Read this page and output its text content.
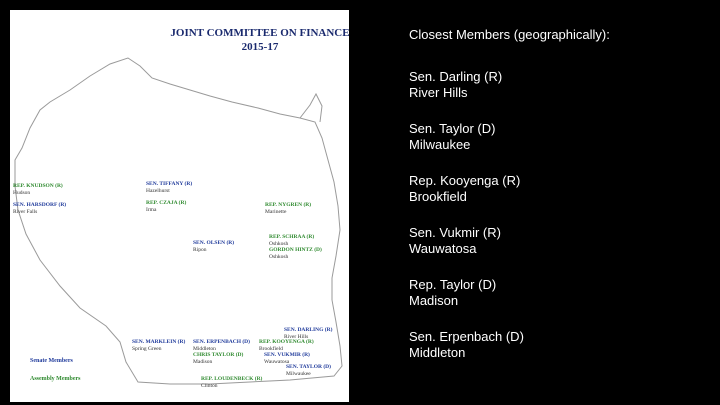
JOINT COMMITTEE ON FINANCE
2015-17
REP. KNUDSON (R)
Hudson
SEN. HARSDORF (R)
River Falls
SEN. TIFFANY (R)
Hazelhurst
REP. CZAJA (R)
Irma
REP. NYGREN (R)
Marinette
SEN. OLSEN (R)
Ripon
REP. SCHRAA (R)
Oshkosh
GORDON HINTZ (D)
Oshkosh
SEN. MARKLEIN (R)
Spring Green
SEN. ERPENBACH (D)
Middleton
CHRIS TAYLOR (D)
Madison
SEN. DARLING (R)
River Hills
REP. KOOYENGA (R)
Brookfield
SEN. VUKMIR (R)
Wauwatosa
SEN. TAYLOR (D)
Milwaukee
REP. LOUDENBECK (R)
Clinton
Senate Members
Assembly Members
Closest Members (geographically):
Sen. Darling (R)
River Hills
Sen. Taylor (D)
Milwaukee
Rep. Kooyenga (R)
Brookfield
Sen. Vukmir (R)
Wauwatosa
Rep. Taylor (D)
Madison
Sen. Erpenbach (D)
Middleton
